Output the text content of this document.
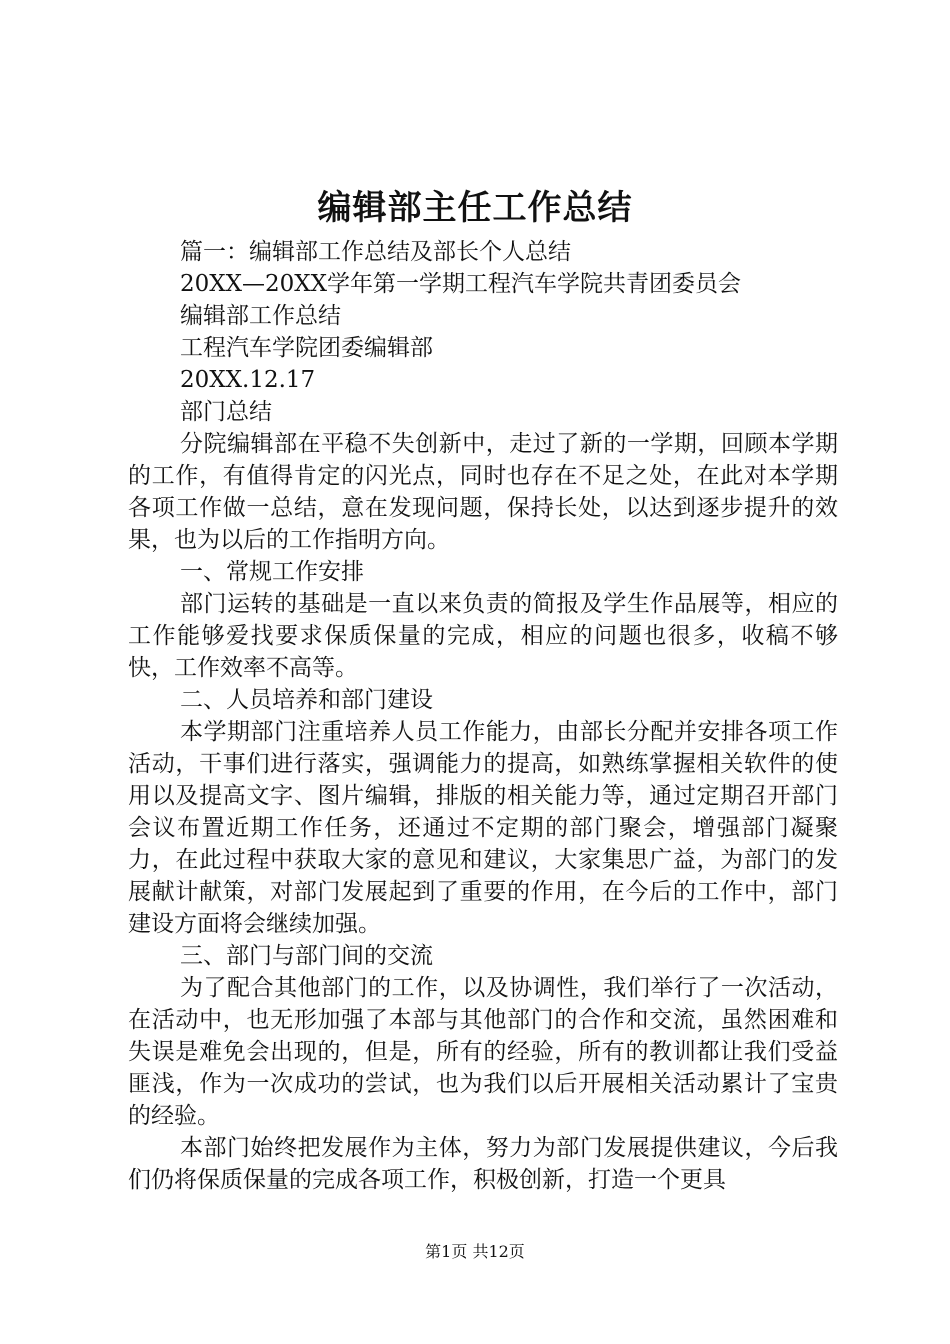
编辑部主任工作总结

篇一：编辑部工作总结及部长个人总结

20XX—20XX学年第一学期工程汽车学院共青团委员会

编辑部工作总结

工程汽车学院团委编辑部

20XX.12.17

部门总结

分院编辑部在平稳不失创新中，走过了新的一学期，回顾本学期的工作，有值得肯定的闪光点，同时也存在不足之处，在此对本学期各项工作做一总结，意在发现问题，保持长处，以达到逐步提升的效果，也为以后的工作指明方向。

一、常规工作安排

部门运转的基础是一直以来负责的简报及学生作品展等，相应的工作能够爱找要求保质保量的完成，相应的问题也很多，收稿不够快，工作效率不高等。

二、人员培养和部门建设

本学期部门注重培养人员工作能力，由部长分配并安排各项工作活动，干事们进行落实，强调能力的提高，如熟练掌握相关软件的使用以及提高文字、图片编辑，排版的相关能力等，通过定期召开部门会议布置近期工作任务，还通过不定期的部门聚会，增强部门凝聚力，在此过程中获取大家的意见和建议，大家集思广益，为部门的发展献计献策，对部门发展起到了重要的作用，在今后的工作中，部门建设方面将会继续加强。

三、部门与部门间的交流

为了配合其他部门的工作，以及协调性，我们举行了一次活动，在活动中，也无形加强了本部与其他部门的合作和交流，虽然困难和失误是难免会出现的，但是，所有的经验，所有的教训都让我们受益匪浅，作为一次成功的尝试，也为我们以后开展相关活动累计了宝贵的经验。

本部门始终把发展作为主体，努力为部门发展提供建议，今后我们仍将保质保量的完成各项工作，积极创新，打造一个更具

第1页 共12页
